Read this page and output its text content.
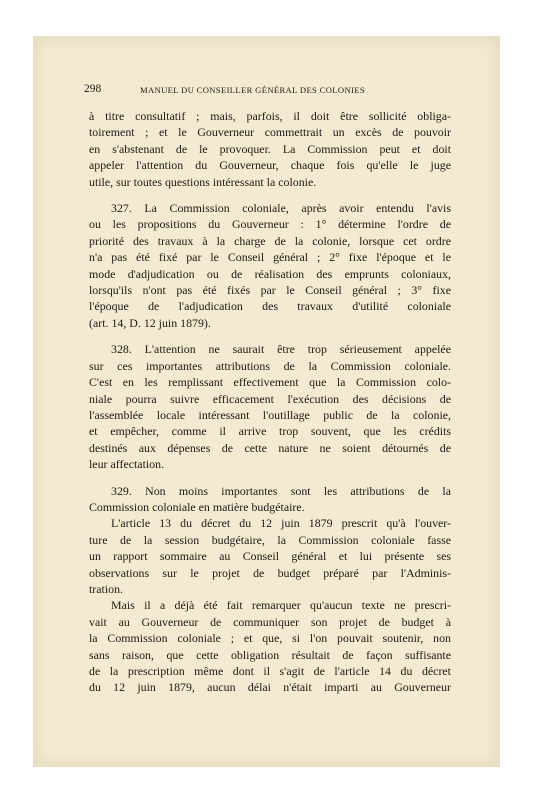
298	MANUEL DU CONSEILLER GÉNÉRAL DES COLONIES

à titre consultatif ; mais, parfois, il doit être sollicité obliga-
toirement ; et le Gouverneur commettrait un excès de pouvoir
en s'abstenant de le provoquer. La Commission peut et doit
appeler l'attention du Gouverneur, chaque fois qu'elle le juge
utile, sur toutes questions intéressant la colonie.

327. La Commission coloniale, après avoir entendu l'avis
ou les propositions du Gouverneur : 1° détermine l'ordre de
priorité des travaux à la charge de la colonie, lorsque cet ordre
n'a pas été fixé par le Conseil général ; 2° fixe l'époque et le
mode d'adjudication ou de réalisation des emprunts coloniaux,
lorsqu'ils n'ont pas été fixés par le Conseil général ; 3° fixe
l'époque de l'adjudication des travaux d'utilité coloniale
(art. 14, D. 12 juin 1879).

328. L'attention ne saurait être trop sérieusement appelée
sur ces importantes attributions de la Commission coloniale.
C'est en les remplissant effectivement que la Commission colo-
niale pourra suivre efficacement l'exécution des décisions de
l'assemblée locale intéressant l'outillage public de la colonie,
et empêcher, comme il arrive trop souvent, que les crédits
destinés aux dépenses de cette nature ne soient détournés de
leur affectation.

329. Non moins importantes sont les attributions de la
Commission coloniale en matière budgétaire.

L'article 13 du décret du 12 juin 1879 prescrit qu'à l'ouver-
ture de la session budgétaire, la Commission coloniale fasse
un rapport sommaire au Conseil général et lui présente ses
observations sur le projet de budget préparé par l'Adminis-
tration.

Mais il a déjà été fait remarquer qu'aucun texte ne prescri-
vait au Gouverneur de communiquer son projet de budget à
la Commission coloniale ; et que, si l'on pouvait soutenir, non
sans raison, que cette obligation résultait de façon suffisante
de la prescription même dont il s'agit de l'article 14 du décret
du 12 juin 1879, aucun délai n'était imparti au Gouverneur
